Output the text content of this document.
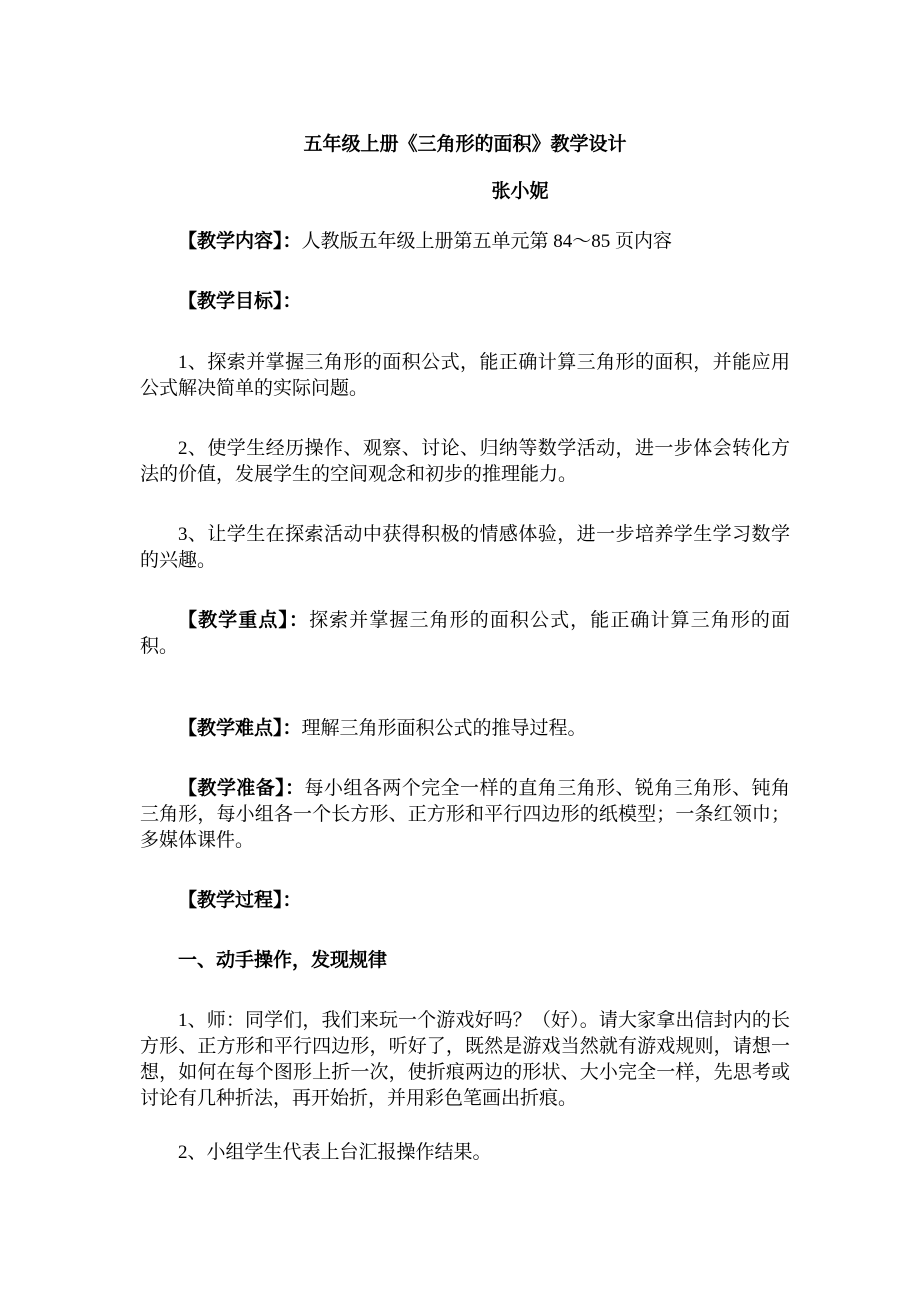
五年级上册《三角形的面积》教学设计
张小妮

【教学内容】：人教版五年级上册第五单元第 84～85 页内容

【教学目标】：

1、探索并掌握三角形的面积公式，能正确计算三角形的面积，并能应用公式解决简单的实际问题。

2、使学生经历操作、观察、讨论、归纳等数学活动，进一步体会转化方法的价值，发展学生的空间观念和初步的推理能力。

3、让学生在探索活动中获得积极的情感体验，进一步培养学生学习数学的兴趣。

【教学重点】：探索并掌握三角形的面积公式，能正确计算三角形的面积。

【教学难点】：理解三角形面积公式的推导过程。

【教学准备】：每小组各两个完全一样的直角三角形、锐角三角形、钝角三角形，每小组各一个长方形、正方形和平行四边形的纸模型；一条红领巾；多媒体课件。

【教学过程】：

一、动手操作，发现规律

1、师：同学们，我们来玩一个游戏好吗？（好）。请大家拿出信封内的长方形、正方形和平行四边形，听好了，既然是游戏当然就有游戏规则，请想一想，如何在每个图形上折一次，使折痕两边的形状、大小完全一样，先思考或讨论有几种折法，再开始折，并用彩色笔画出折痕。

2、小组学生代表上台汇报操作结果。
